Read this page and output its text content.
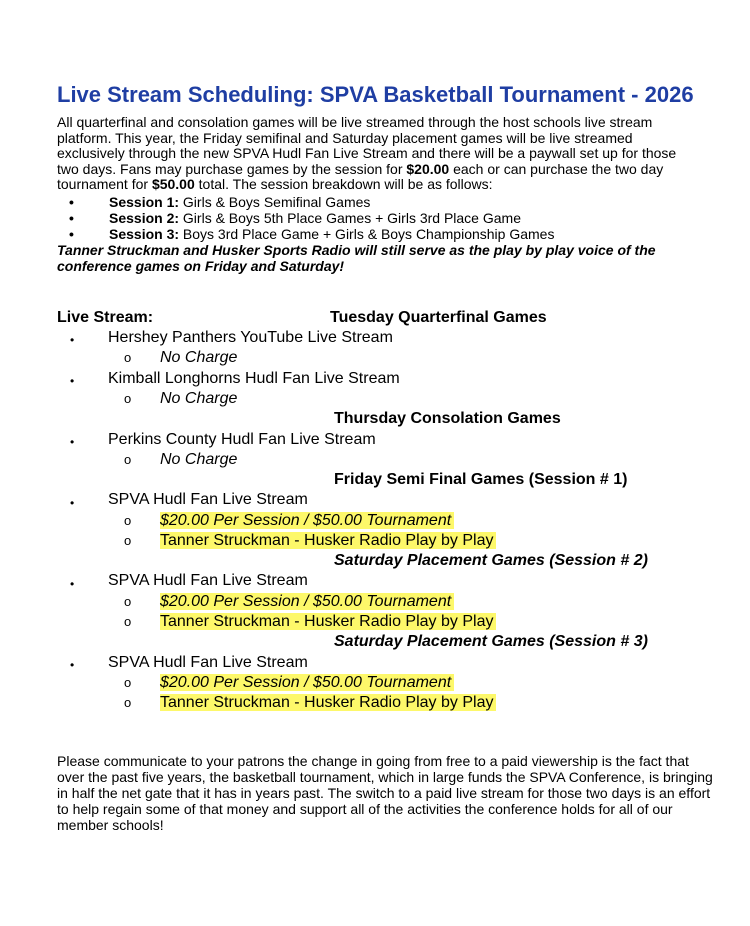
Live Stream Scheduling: SPVA Basketball Tournament - 2026

All quarterfinal and consolation games will be live streamed through the host schools live stream platform. This year, the Friday semifinal and Saturday placement games will be live streamed exclusively through the new SPVA Hudl Fan Live Stream and there will be a paywall set up for those two days. Fans may purchase games by the session for $20.00 each or can purchase the two day tournament for $50.00 total. The session breakdown will be as follows:

•	Session 1: Girls & Boys Semifinal Games
•	Session 2: Girls & Boys 5th Place Games + Girls 3rd Place Game
•	Session 3: Boys 3rd Place Game + Girls & Boys Championship Games

Tanner Struckman and Husker Sports Radio will still serve as the play by play voice of the conference games on Friday and Saturday!

Live Stream:	Tuesday Quarterfinal Games
• Hershey Panthers YouTube Live Stream
o No Charge
• Kimball Longhorns Hudl Fan Live Stream
o No Charge
Thursday Consolation Games
• Perkins County Hudl Fan Live Stream
o No Charge
Friday Semi Final Games (Session # 1)
• SPVA Hudl Fan Live Stream
o $20.00 Per Session / $50.00 Tournament
o Tanner Struckman - Husker Radio Play by Play
Saturday Placement Games (Session # 2)
• SPVA Hudl Fan Live Stream
o $20.00 Per Session / $50.00 Tournament
o Tanner Struckman - Husker Radio Play by Play
Saturday Placement Games (Session # 3)
• SPVA Hudl Fan Live Stream
o $20.00 Per Session / $50.00 Tournament
o Tanner Struckman - Husker Radio Play by Play

Please communicate to your patrons the change in going from free to a paid viewership is the fact that over the past five years, the basketball tournament, which in large funds the SPVA Conference, is bringing in half the net gate that it has in years past. The switch to a paid live stream for those two days is an effort to help regain some of that money and support all of the activities the conference holds for all of our member schools!
